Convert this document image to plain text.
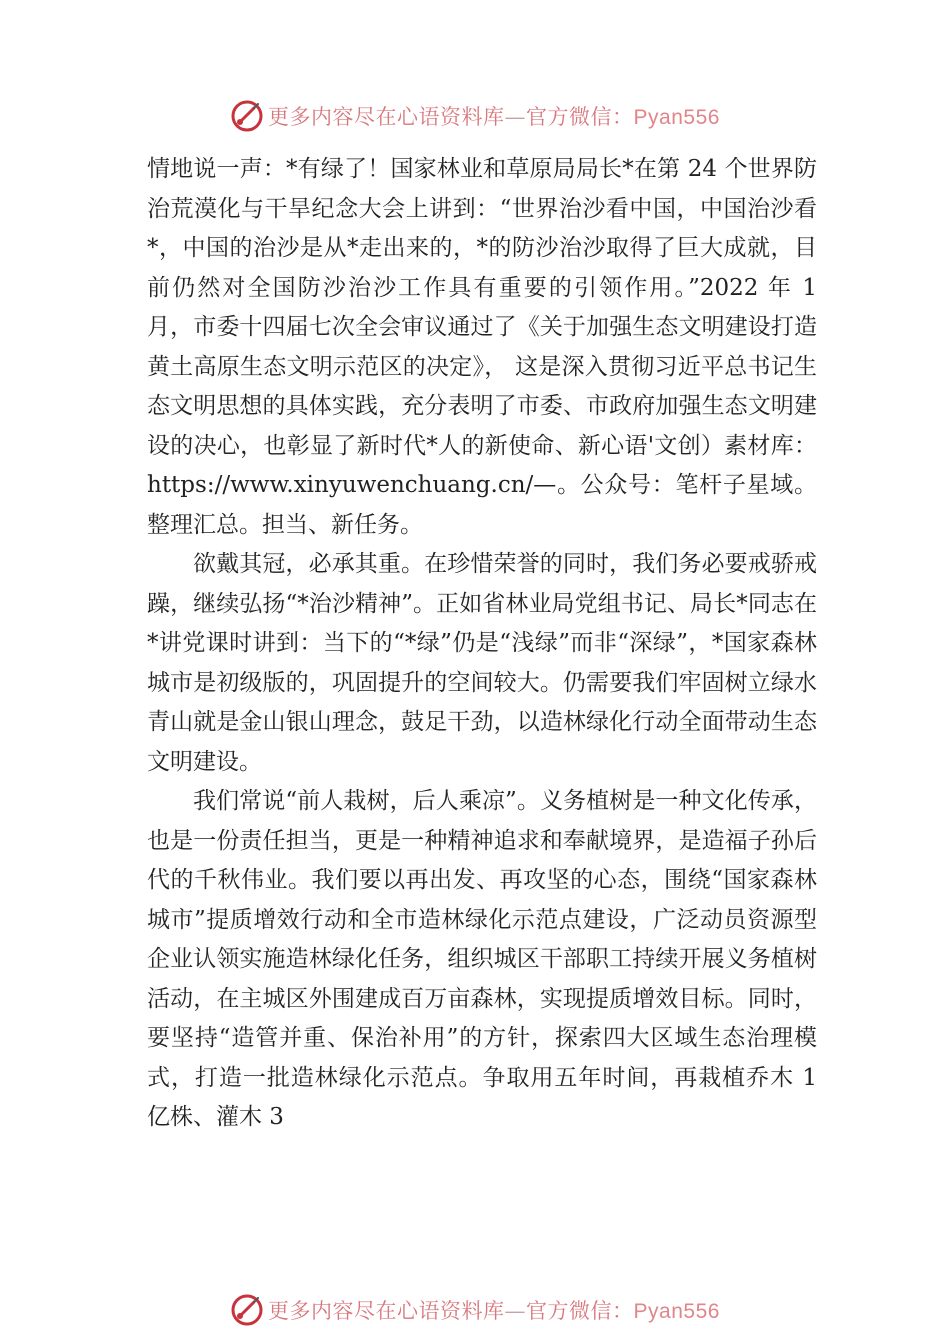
更多内容尽在心语资料库—官方微信：Pyan556

情地说一声：*有绿了！国家林业和草原局局长*在第 24 个世界防治荒漠化与干旱纪念大会上讲到：“世界治沙看中国，中国治沙看*，中国的治沙是从*走出来的，*的防沙治沙取得了巨大成就，目前仍然对全国防沙治沙工作具有重要的引领作用。”2022 年 1 月，市委十四届七次全会审议通过了《关于加强生态文明建设打造黄土高原生态文明示范区的决定》， 这是深入贯彻习近平总书记生态文明思想的具体实践，充分表明了市委、市政府加强生态文明建设的决心，也彰显了新时代*人的新使命、新心语'文创）素材库：https://www.xinyuwenchuang.cn/—。公众号：笔杆子星域。整理汇总。担当、新任务。

欲戴其冠，必承其重。在珍惜荣誉的同时，我们务必要戒骄戒躁，继续弘扬“*治沙精神”。正如省林业局党组书记、局长*同志在*讲党课时讲到：当下的“*绿”仍是“浅绿”而非“深绿”，*国家森林城市是初级版的，巩固提升的空间较大。仍需要我们牢固树立绿水青山就是金山银山理念，鼓足干劲，以造林绿化行动全面带动生态文明建设。

我们常说“前人栽树，后人乘凉”。义务植树是一种文化传承，也是一份责任担当，更是一种精神追求和奉献境界，是造福子孙后代的千秋伟业。我们要以再出发、再攻坚的心态，围绕“国家森林城市”提质增效行动和全市造林绿化示范点建设，广泛动员资源型企业认领实施造林绿化任务，组织城区干部职工持续开展义务植树活动，在主城区外围建成百万亩森林，实现提质增效目标。同时，要坚持“造管并重、保治补用”的方针，探索四大区域生态治理模式，打造一批造林绿化示范点。争取用五年时间，再栽植乔木 1 亿株、灌木 3

更多内容尽在心语资料库—官方微信：Pyan556
